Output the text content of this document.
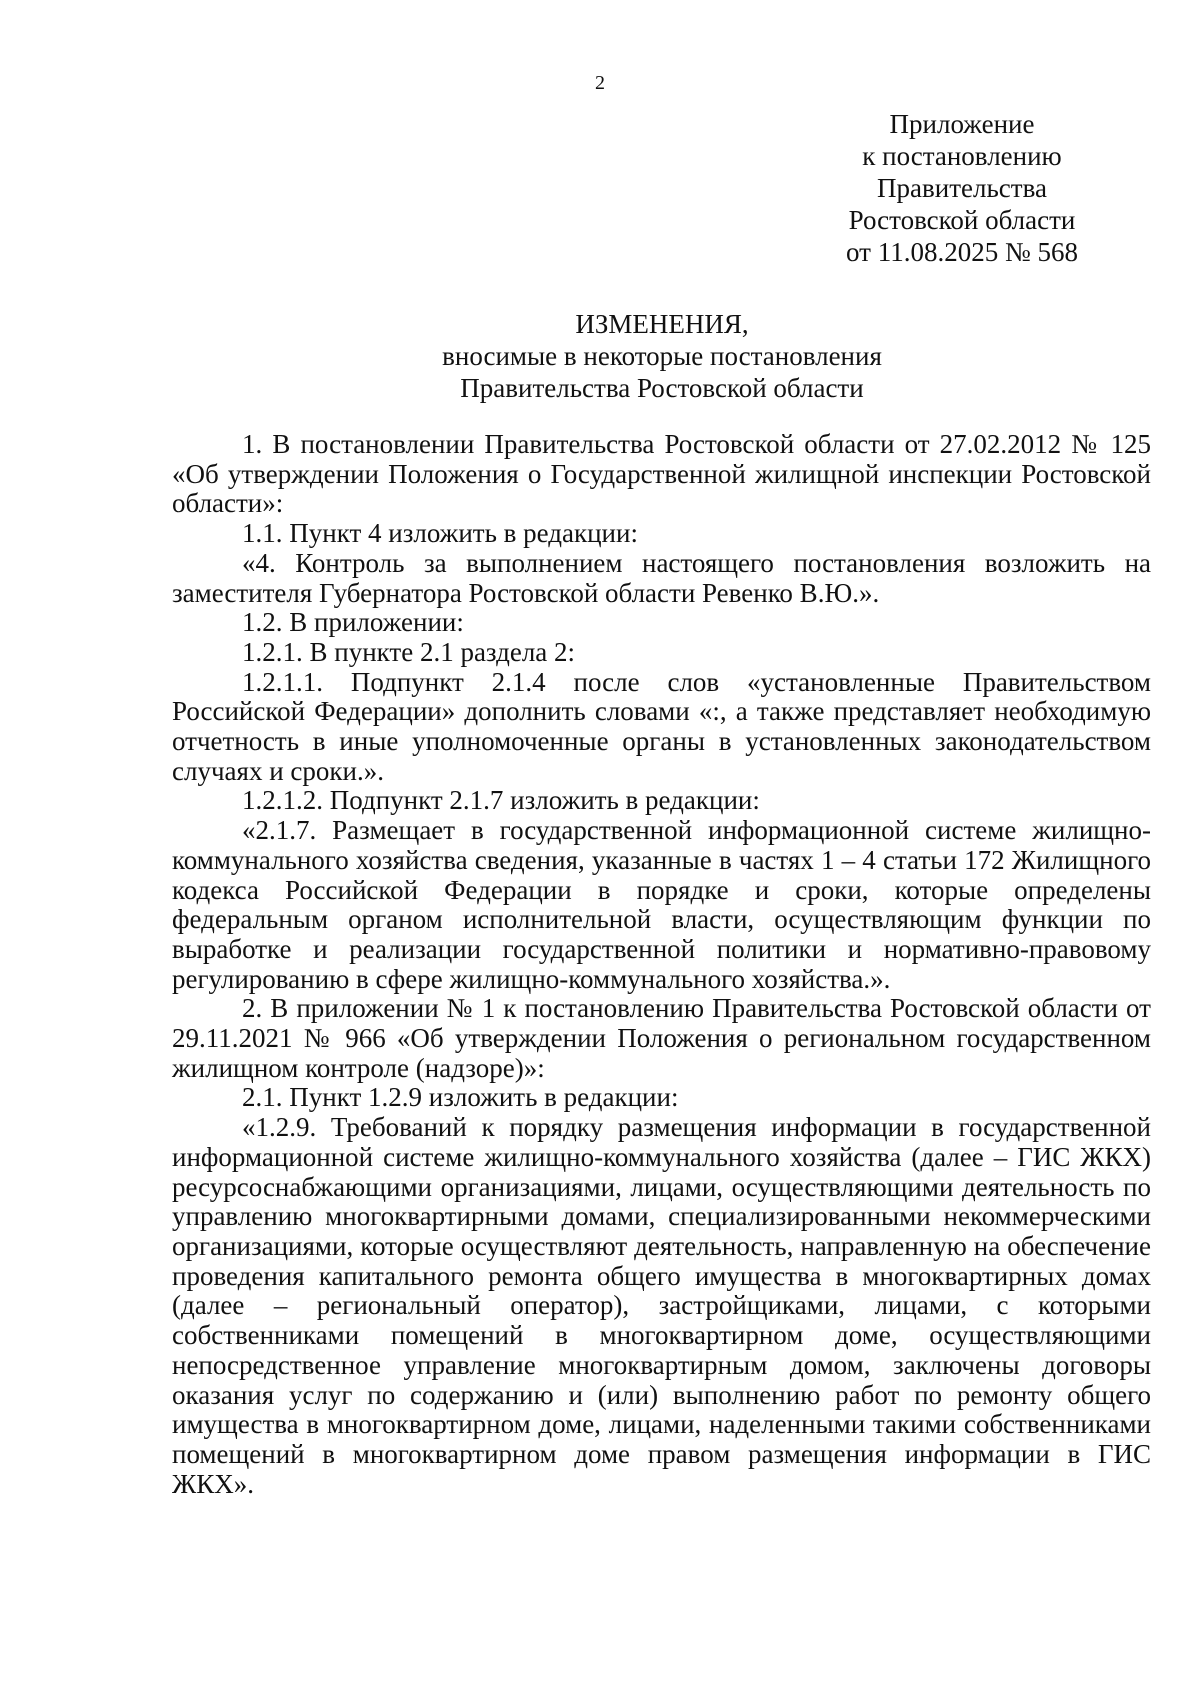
2
Приложение
к постановлению
Правительства
Ростовской области
от 11.08.2025 № 568
ИЗМЕНЕНИЯ,
вносимые в некоторые постановления
Правительства Ростовской области

1. В постановлении Правительства Ростовской области от 27.02.2012 № 125 «Об утверждении Положения о Государственной жилищной инспекции Ростовской области»:

1.1. Пункт 4 изложить в редакции:

«4. Контроль за выполнением настоящего постановления возложить на заместителя Губернатора Ростовской области Ревенко В.Ю.».

1.2. В приложении:

1.2.1. В пункте 2.1 раздела 2:

1.2.1.1. Подпункт 2.1.4 после слов «установленные Правительством Российской Федерации» дополнить словами «:, а также представляет необходимую отчетность в иные уполномоченные органы в установленных законодательством случаях и сроки.».

1.2.1.2. Подпункт 2.1.7 изложить в редакции:

«2.1.7. Размещает в государственной информационной системе жилищно-коммунального хозяйства сведения, указанные в частях 1 – 4 статьи 172 Жилищного кодекса Российской Федерации в порядке и сроки, которые определены федеральным органом исполнительной власти, осуществляющим функции по выработке и реализации государственной политики и нормативно-правовому регулированию в сфере жилищно-коммунального хозяйства.».

2. В приложении № 1 к постановлению Правительства Ростовской области от 29.11.2021 № 966 «Об утверждении Положения о региональном государственном жилищном контроле (надзоре)»:

2.1. Пункт 1.2.9 изложить в редакции:

«1.2.9. Требований к порядку размещения информации в государственной информационной системе жилищно-коммунального хозяйства (далее – ГИС ЖКХ) ресурсоснабжающими организациями, лицами, осуществляющими деятельность по управлению многоквартирными домами, специализированными некоммерческими организациями, которые осуществляют деятельность, направленную на обеспечение проведения капитального ремонта общего имущества в многоквартирных домах (далее – региональный оператор), застройщиками, лицами, с которыми собственниками помещений в многоквартирном доме, осуществляющими непосредственное управление многоквартирным домом, заключены договоры оказания услуг по содержанию и (или) выполнению работ по ремонту общего имущества в многоквартирном доме, лицами, наделенными такими собственниками помещений в многоквартирном доме правом размещения информации в ГИС ЖКХ».
